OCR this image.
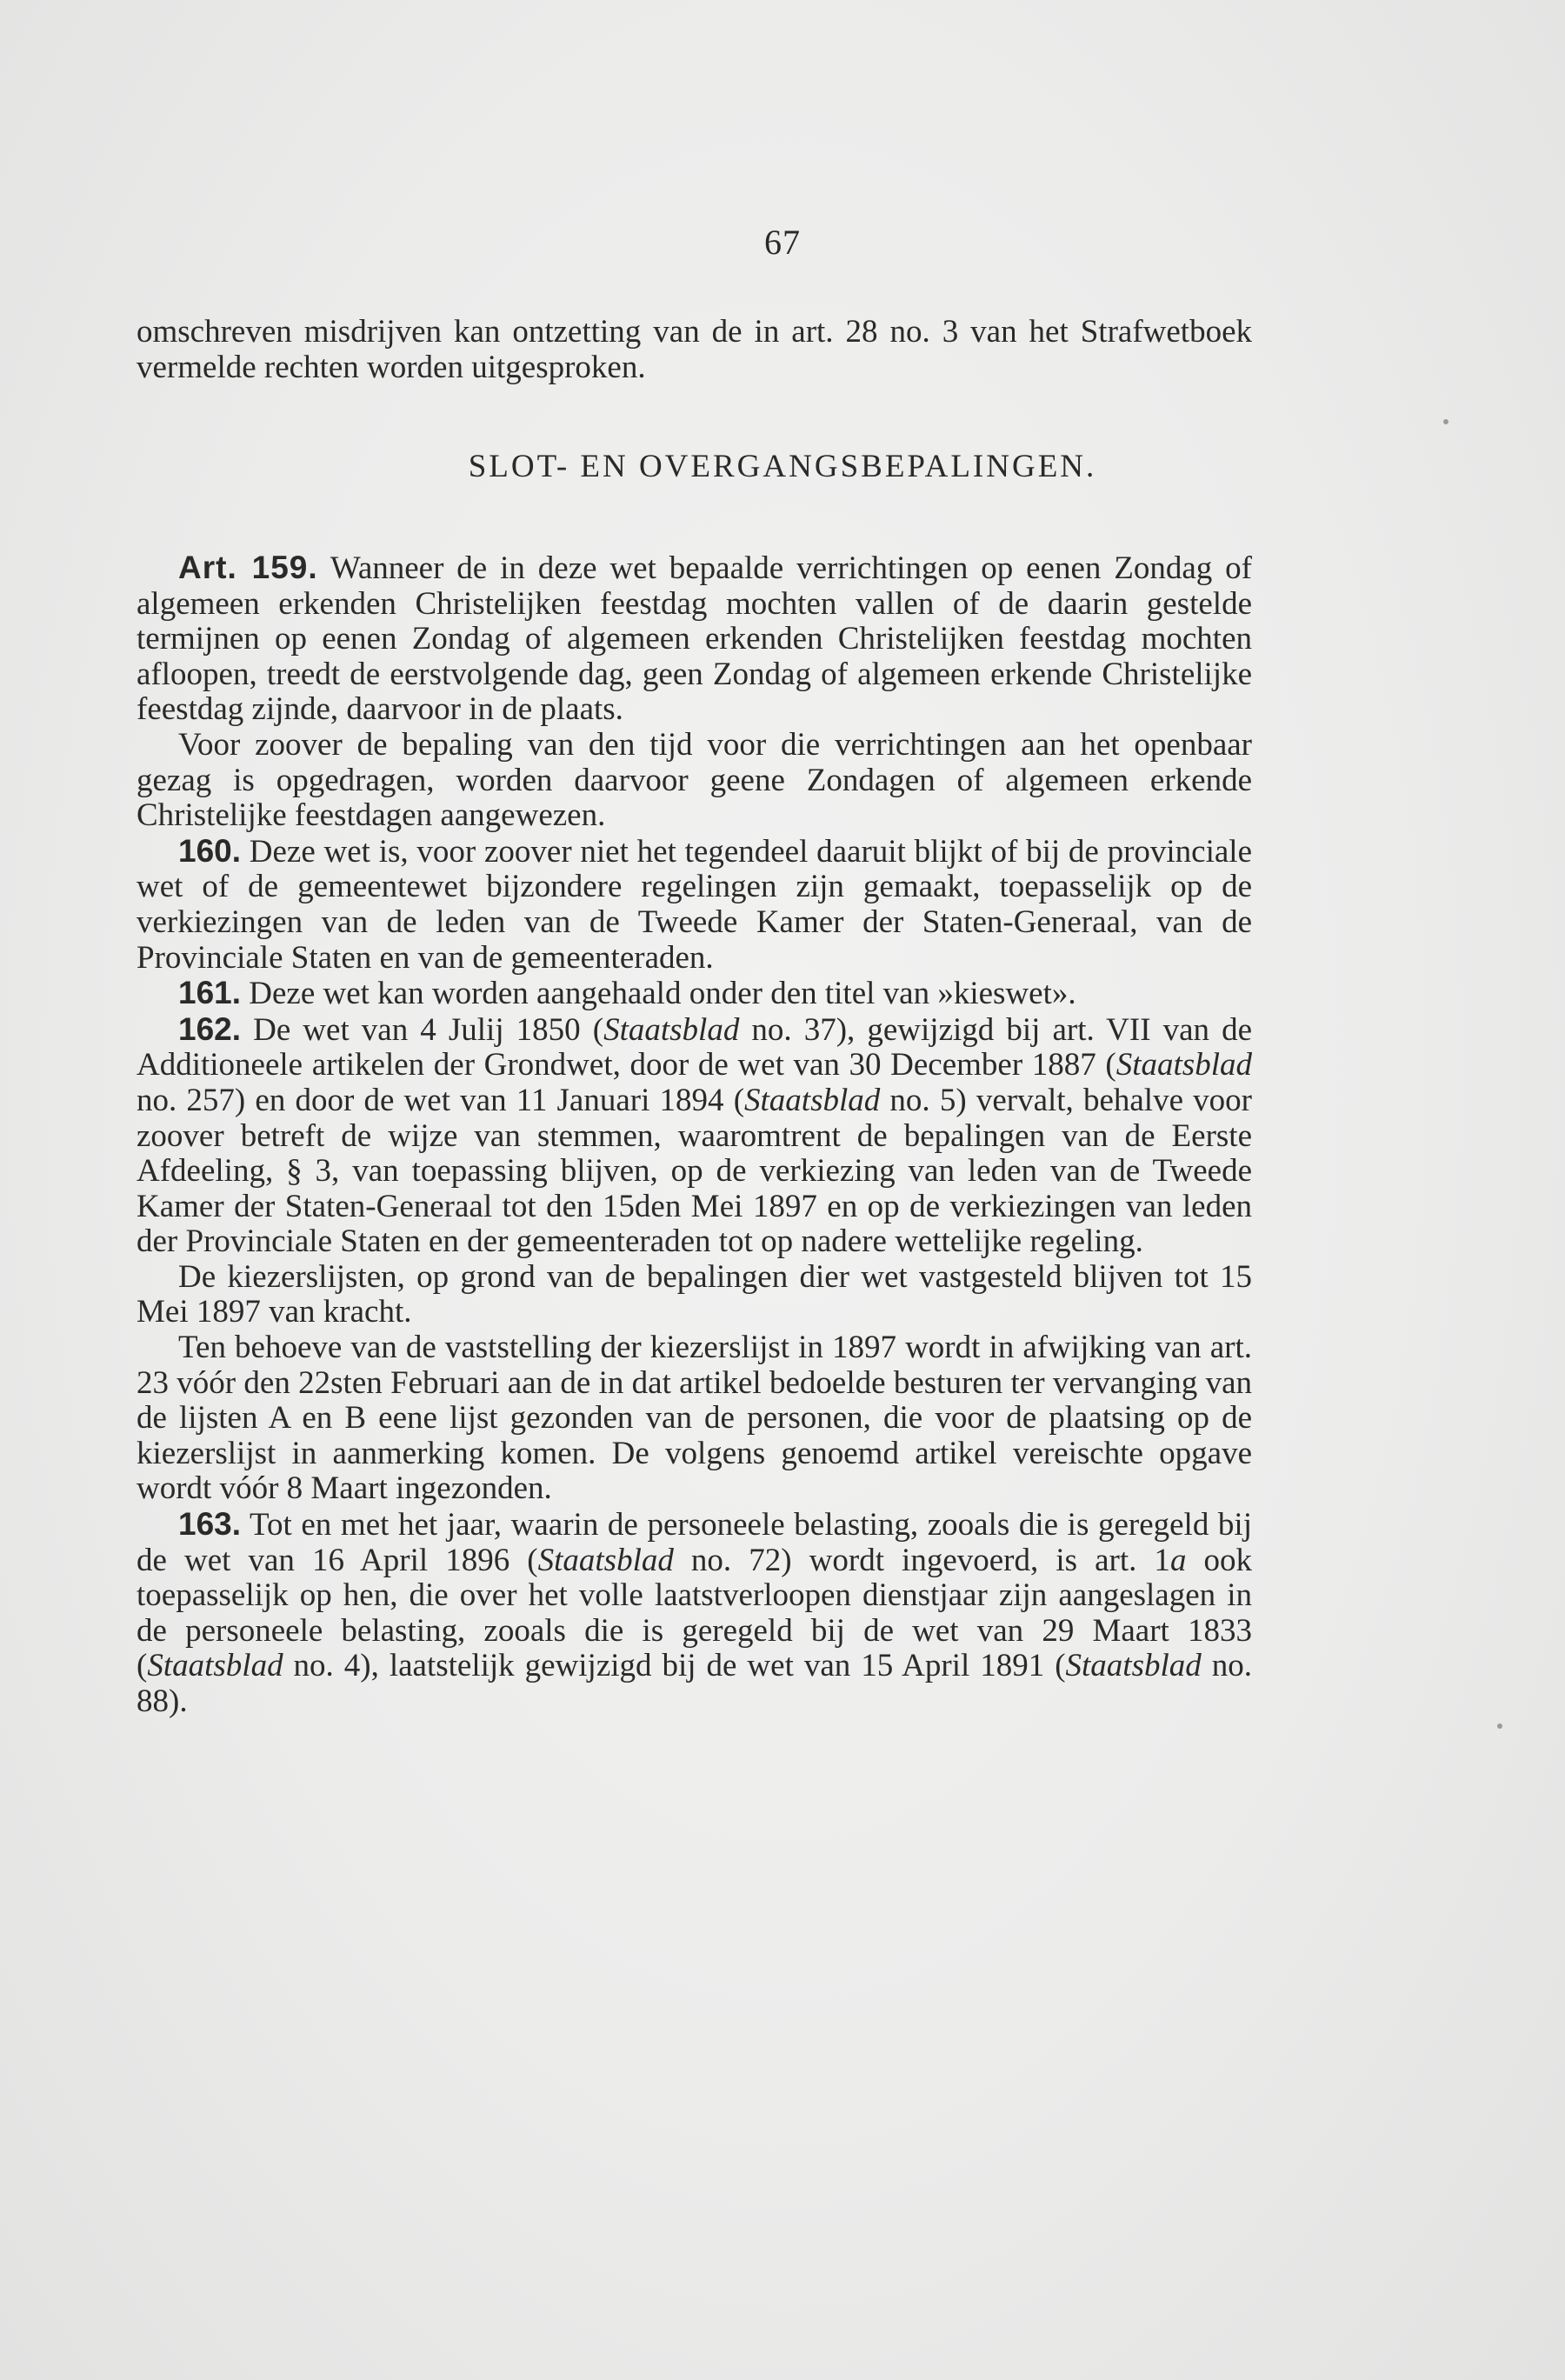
67

omschreven misdrijven kan ontzetting van de in art. 28 no. 3 van het Strafwetboek vermelde rechten worden uitgesproken.

SLOT- EN OVERGANGSBEPALINGEN.

Art. 159. Wanneer de in deze wet bepaalde verrichtingen op eenen Zondag of algemeen erkenden Christelijken feestdag mochten vallen of de daarin gestelde termijnen op eenen Zondag of algemeen erkenden Christelijken feestdag mochten afloopen, treedt de eerstvolgende dag, geen Zondag of algemeen erkende Christelijke feestdag zijnde, daarvoor in de plaats.

Voor zoover de bepaling van den tijd voor die verrichtingen aan het openbaar gezag is opgedragen, worden daarvoor geene Zondagen of algemeen erkende Christelijke feestdagen aangewezen.

160. Deze wet is, voor zoover niet het tegendeel daaruit blijkt of bij de provinciale wet of de gemeentewet bijzondere regelingen zijn gemaakt, toepasselijk op de verkiezingen van de leden van de Tweede Kamer der Staten-Generaal, van de Provinciale Staten en van de gemeenteraden.

161. Deze wet kan worden aangehaald onder den titel van »kieswet».

162. De wet van 4 Julij 1850 (Staatsblad no. 37), gewijzigd bij art. VII van de Additioneele artikelen der Grondwet, door de wet van 30 December 1887 (Staatsblad no. 257) en door de wet van 11 Januari 1894 (Staatsblad no. 5) vervalt, behalve voor zoover betreft de wijze van stemmen, waaromtrent de bepalingen van de Eerste Afdeeling, § 3, van toepassing blijven, op de verkiezing van leden van de Tweede Kamer der Staten-Generaal tot den 15den Mei 1897 en op de verkiezingen van leden der Provinciale Staten en der gemeenteraden tot op nadere wettelijke regeling.

De kiezerslijsten, op grond van de bepalingen dier wet vastgesteld blijven tot 15 Mei 1897 van kracht.

Ten behoeve van de vaststelling der kiezerslijst in 1897 wordt in afwijking van art. 23 vóór den 22sten Februari aan de in dat artikel bedoelde besturen ter vervanging van de lijsten A en B eene lijst gezonden van de personen, die voor de plaatsing op de kiezerslijst in aanmerking komen. De volgens genoemd artikel vereischte opgave wordt vóór 8 Maart ingezonden.

163. Tot en met het jaar, waarin de personeele belasting, zooals die is geregeld bij de wet van 16 April 1896 (Staatsblad no. 72) wordt ingevoerd, is art. 1a ook toepasselijk op hen, die over het volle laatstverloopen dienstjaar zijn aangeslagen in de personeele belasting, zooals die is geregeld bij de wet van 29 Maart 1833 (Staatsblad no. 4), laatstelijk gewijzigd bij de wet van 15 April 1891 (Staatsblad no. 88).
